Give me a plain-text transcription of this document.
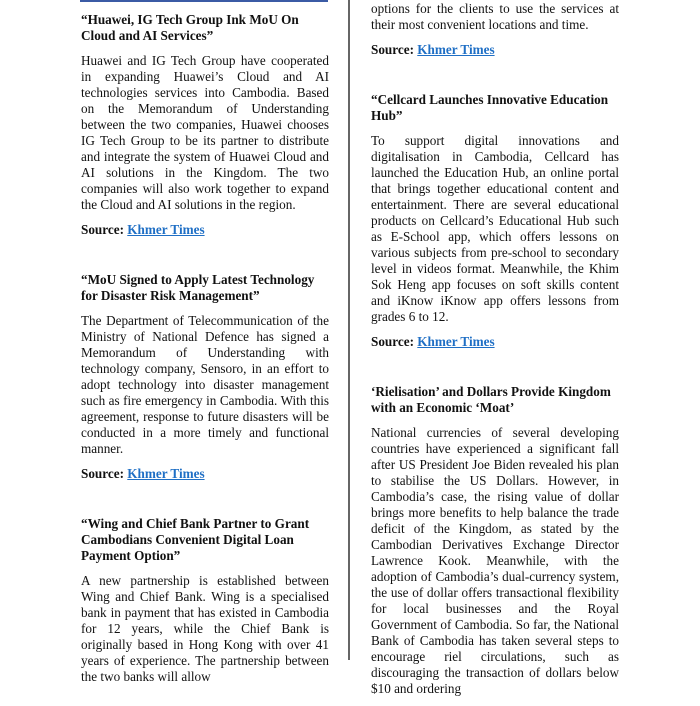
“Huawei, IG Tech Group Ink MoU On Cloud and AI Services”

Huawei and IG Tech Group have cooperated in expanding Huawei’s Cloud and AI technologies services into Cambodia. Based on the Memorandum of Understanding between the two companies, Huawei chooses IG Tech Group to be its partner to distribute and integrate the system of Huawei Cloud and AI solutions in the Kingdom. The two companies will also work together to expand the Cloud and AI solutions in the region.

Source: Khmer Times

“MoU Signed to Apply Latest Technology for Disaster Risk Management”

The Department of Telecommunication of the Ministry of National Defence has signed a Memorandum of Understanding with technology company, Sensoro, in an effort to adopt technology into disaster management such as fire emergency in Cambodia. With this agreement, response to future disasters will be conducted in a more timely and functional manner.

Source: Khmer Times

“Wing and Chief Bank Partner to Grant Cambodians Convenient Digital Loan Payment Option”

A new partnership is established between Wing and Chief Bank. Wing is a specialised bank in payment that has existed in Cambodia for 12 years, while the Chief Bank is originally based in Hong Kong with over 41 years of experience. The partnership between the two banks will allow

options for the clients to use the services at their most convenient locations and time.

Source: Khmer Times

“Cellcard Launches Innovative Education Hub”

To support digital innovations and digitalisation in Cambodia, Cellcard has launched the Education Hub, an online portal that brings together educational content and entertainment. There are several educational products on Cellcard’s Educational Hub such as E-School app, which offers lessons on various subjects from pre-school to secondary level in videos format. Meanwhile, the Khim Sok Heng app focuses on soft skills content and iKnow iKnow app offers lessons from grades 6 to 12.

Source: Khmer Times

‘Rielisation’ and Dollars Provide Kingdom with an Economic ‘Moat’

National currencies of several developing countries have experienced a significant fall after US President Joe Biden revealed his plan to stabilise the US Dollars. However, in Cambodia’s case, the rising value of dollar brings more benefits to help balance the trade deficit of the Kingdom, as stated by the Cambodian Derivatives Exchange Director Lawrence Kook. Meanwhile, with the adoption of Cambodia’s dual-currency system, the use of dollar offers transactional flexibility for local businesses and the Royal Government of Cambodia. So far, the National Bank of Cambodia has taken several steps to encourage riel circulations, such as discouraging the transaction of dollars below $10 and ordering
